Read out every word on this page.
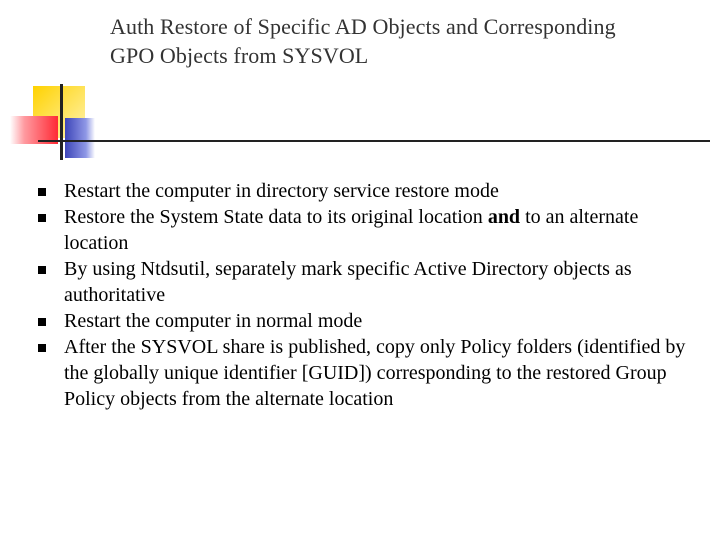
Auth Restore of Specific AD Objects and Corresponding
GPO Objects from SYSVOL
Restart the computer in directory service restore mode
Restore the System State data to its original location and to an alternate location
By using Ntdsutil, separately mark specific Active Directory objects as authoritative
Restart the computer in normal mode
After the SYSVOL share is published, copy only Policy folders (identified by the globally unique identifier [GUID]) corresponding to the restored Group Policy objects from the alternate location
